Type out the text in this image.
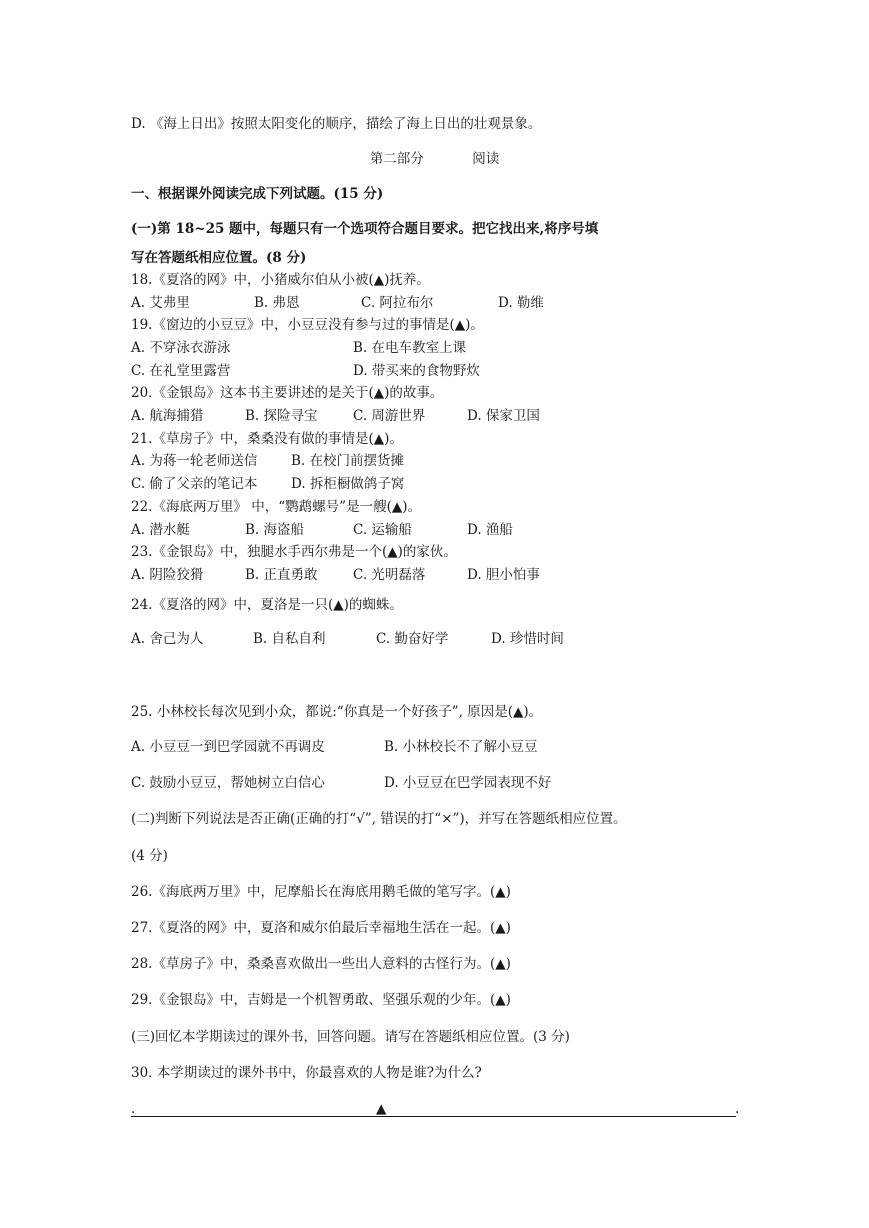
D. 《海上日出》按照太阳变化的顺序，描绘了海上日出的壮观景象。
第二部分	阅读
一、根据课外阅读完成下列试题。(15 分)
(一)第 18~25 题中，每题只有一个选项符合题目要求。把它找出来,将序号填
写在答题纸相应位置。(8 分)
18.《夏洛的网》中，小猪威尔伯从小被(▲)抚养。
A. 艾弗里	B. 弗恩	C. 阿拉布尔	D. 勒维
19.《窗边的小豆豆》中，小豆豆没有参与过的事情是(▲)。
A. 不穿泳衣游泳	B. 在电车教室上课
C. 在礼堂里露营	D. 带买来的食物野炊
20.《金银岛》这本书主要讲述的是关于(▲)的故事。
A. 航海捕猎	B. 探险寻宝	C. 周游世界	D. 保家卫国
21.《草房子》中，桑桑没有做的事情是(▲)。
A. 为蒋一轮老师送信 B. 在校门前摆货摊
C. 偷了父亲的笔记本 D. 拆柜橱做鸽子窝
22.《海底两万里》 中，“鹦鹉螺号”是一艘(▲)。
A. 潜水艇	B. 海盗船	C. 运输船	D. 渔船
23.《金银岛》中，独腿水手西尔弗是一个(▲)的家伙。
A. 阴险狡猾	B. 正直勇敢	C. 光明磊落	D. 胆小怕事
24.《夏洛的网》中，夏洛是一只(▲)的蜘蛛。
A. 舍己为人	B. 自私自利	C. 勤奋好学	D. 珍惜时间
25. 小林校长每次见到小众，都说:“你真是一个好孩子”, 原因是(▲)。
A. 小豆豆一到巴学园就不再调皮	B. 小林校长不了解小豆豆
C. 鼓励小豆豆，帮她树立白信心	D. 小豆豆在巴学园表现不好
(二)判断下列说法是否正确(正确的打“√”, 错误的打“×”)，并写在答题纸相应位置。
(4 分)
26.《海底两万里》中，尼摩船长在海底用鹅毛做的笔写字。(▲)
27.《夏洛的网》中，夏洛和威尔伯最后幸福地生活在一起。(▲)
28.《草房子》中，桑桑喜欢做出一些出人意料的古怪行为。(▲)
29.《金银岛》中，吉姆是一个机智勇敢、坚强乐观的少年。(▲)
(三)回忆本学期读过的课外书，回答问题。请写在答题纸相应位置。(3 分)
30. 本学期读过的课外书中，你最喜欢的人物是谁?为什么?
.	▲	.
